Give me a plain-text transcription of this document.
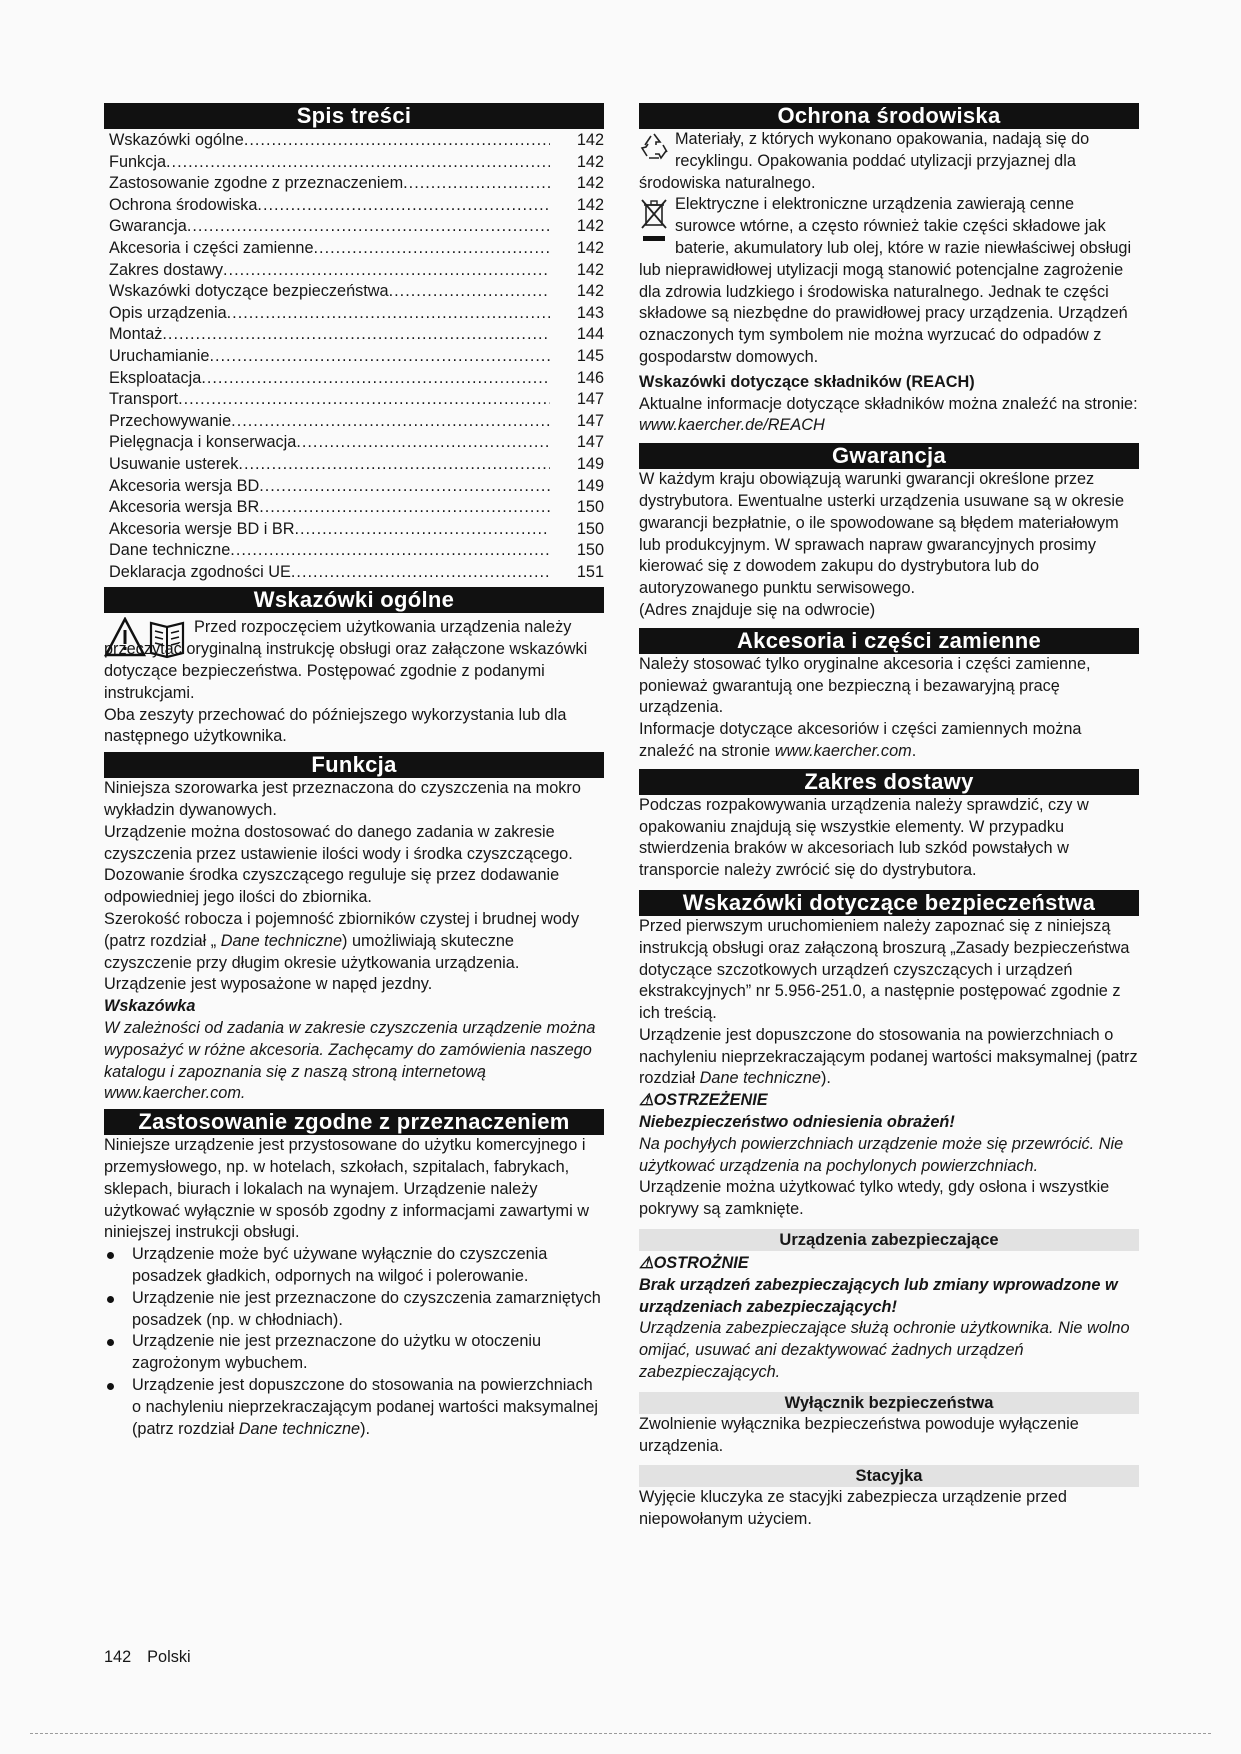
Spis treści
Wskazówki ogólne .....	142
Funkcja .....	142
Zastosowanie zgodne z przeznaczeniem .....	142
Ochrona środowiska .....	142
Gwarancja .....	142
Akcesoria i części zamienne .....	142
Zakres dostawy .....	142
Wskazówki dotyczące bezpieczeństwa .....	142
Opis urządzenia .....	143
Montaż .....	144
Uruchamianie .....	145
Eksploatacja .....	146
Transport .....	147
Przechowywanie .....	147
Pielęgnacja i konserwacja .....	147
Usuwanie usterek .....	149
Akcesoria wersja BD .....	149
Akcesoria wersja BR .....	150
Akcesoria wersje BD i BR .....	150
Dane techniczne .....	150
Deklaracja zgodności UE .....	151
Wskazówki ogólne

Przed rozpoczęciem użytkowania urządzenia należy przeczytać oryginalną instrukcję obsługi oraz załączone wskazówki dotyczące bezpieczeństwa. Postępować zgodnie z podanymi instrukcjami.

Oba zeszyty przechować do późniejszego wykorzystania lub dla następnego użytkownika.

Funkcja

Niniejsza szorowarka jest przeznaczona do czyszczenia na mokro wykładzin dywanowych.

Urządzenie można dostosować do danego zadania w zakresie czyszczenia przez ustawienie ilości wody i środka czyszczącego. Dozowanie środka czyszczącego reguluje się przez dodawanie odpowiedniej jego ilości do zbiornika.

Szerokość robocza i pojemność zbiorników czystej i brudnej wody (patrz rozdział „ Dane techniczne) umożliwiają skuteczne czyszczenie przy długim okresie użytkowania urządzenia.

Urządzenie jest wyposażone w napęd jezdny.

Wskazówka

W zależności od zadania w zakresie czyszczenia urządzenie można wyposażyć w różne akcesoria. Zachęcamy do zamówienia naszego katalogu i zapoznania się z naszą stroną internetową www.kaercher.com.

Zastosowanie zgodne z przeznaczeniem

Niniejsze urządzenie jest przystosowane do użytku komercyjnego i przemysłowego, np. w hotelach, szkołach, szpitalach, fabrykach, sklepach, biurach i lokalach na wynajem. Urządzenie należy użytkować wyłącznie w sposób zgodny z informacjami zawartymi w niniejszej instrukcji obsługi.

Urządzenie może być używane wyłącznie do czyszczenia posadzek gładkich, odpornych na wilgoć i polerowanie.
Urządzenie nie jest przeznaczone do czyszczenia zamarzniętych posadzek (np. w chłodniach).
Urządzenie nie jest przeznaczone do użytku w otoczeniu zagrożonym wybuchem.
Urządzenie jest dopuszczone do stosowania na powierzchniach o nachyleniu nieprzekraczającym podanej wartości maksymalnej (patrz rozdział Dane techniczne).
Ochrona środowiska

Materiały, z których wykonano opakowania, nadają się do recyklingu. Opakowania poddać utylizacji przyjaznej dla środowiska naturalnego.

Elektryczne i elektroniczne urządzenia zawierają cenne surowce wtórne, a często również takie części składowe jak baterie, akumulatory lub olej, które w razie niewłaściwej obsługi lub nieprawidłowej utylizacji mogą stanowić potencjalne zagrożenie dla zdrowia ludzkiego i środowiska naturalnego. Jednak te części składowe są niezbędne do prawidłowej pracy urządzenia. Urządzeń oznaczonych tym symbolem nie można wyrzucać do odpadów z gospodarstw domowych.

Wskazówki dotyczące składników (REACH)

Aktualne informacje dotyczące składników można znaleźć na stronie: www.kaercher.de/REACH

Gwarancja

W każdym kraju obowiązują warunki gwarancji określone przez dystrybutora. Ewentualne usterki urządzenia usuwane są w okresie gwarancji bezpłatnie, o ile spowodowane są błędem materiałowym lub produkcyjnym. W sprawach napraw gwarancyjnych prosimy kierować się z dowodem zakupu do dystrybutora lub do autoryzowanego punktu serwisowego.

(Adres znajduje się na odwrocie)

Akcesoria i części zamienne

Należy stosować tylko oryginalne akcesoria i części zamienne, ponieważ gwarantują one bezpieczną i bezawaryjną pracę urządzenia.

Informacje dotyczące akcesoriów i części zamiennych można znaleźć na stronie www.kaercher.com.

Zakres dostawy

Podczas rozpakowywania urządzenia należy sprawdzić, czy w opakowaniu znajdują się wszystkie elementy. W przypadku stwierdzenia braków w akcesoriach lub szkód powstałych w transporcie należy zwrócić się do dystrybutora.

Wskazówki dotyczące bezpieczeństwa

Przed pierwszym uruchomieniem należy zapoznać się z niniejszą instrukcją obsługi oraz załączoną broszurą „Zasady bezpieczeństwa dotyczące szczotkowych urządzeń czyszczących i urządzeń ekstrakcyjnych” nr 5.956-251.0, a następnie postępować zgodnie z ich treścią.

Urządzenie jest dopuszczone do stosowania na powierzchniach o nachyleniu nieprzekraczającym podanej wartości maksymalnej (patrz rozdział Dane techniczne).

⚠OSTRZEŻENIE

Niebezpieczeństwo odniesienia obrażeń!

Na pochyłych powierzchniach urządzenie może się przewrócić. Nie użytkować urządzenia na pochylonych powierzchniach.

Urządzenie można użytkować tylko wtedy, gdy osłona i wszystkie pokrywy są zamknięte.

Urządzenia zabezpieczające

⚠OSTROŻNIE

Brak urządzeń zabezpieczających lub zmiany wprowadzone w urządzeniach zabezpieczających!

Urządzenia zabezpieczające służą ochronie użytkownika. Nie wolno omijać, usuwać ani dezaktywować żadnych urządzeń zabezpieczających.

Wyłącznik bezpieczeństwa

Zwolnienie wyłącznika bezpieczeństwa powoduje wyłączenie urządzenia.

Stacyjka

Wyjęcie kluczyka ze stacyjki zabezpiecza urządzenie przed niepowołanym użyciem.

142 Polski
